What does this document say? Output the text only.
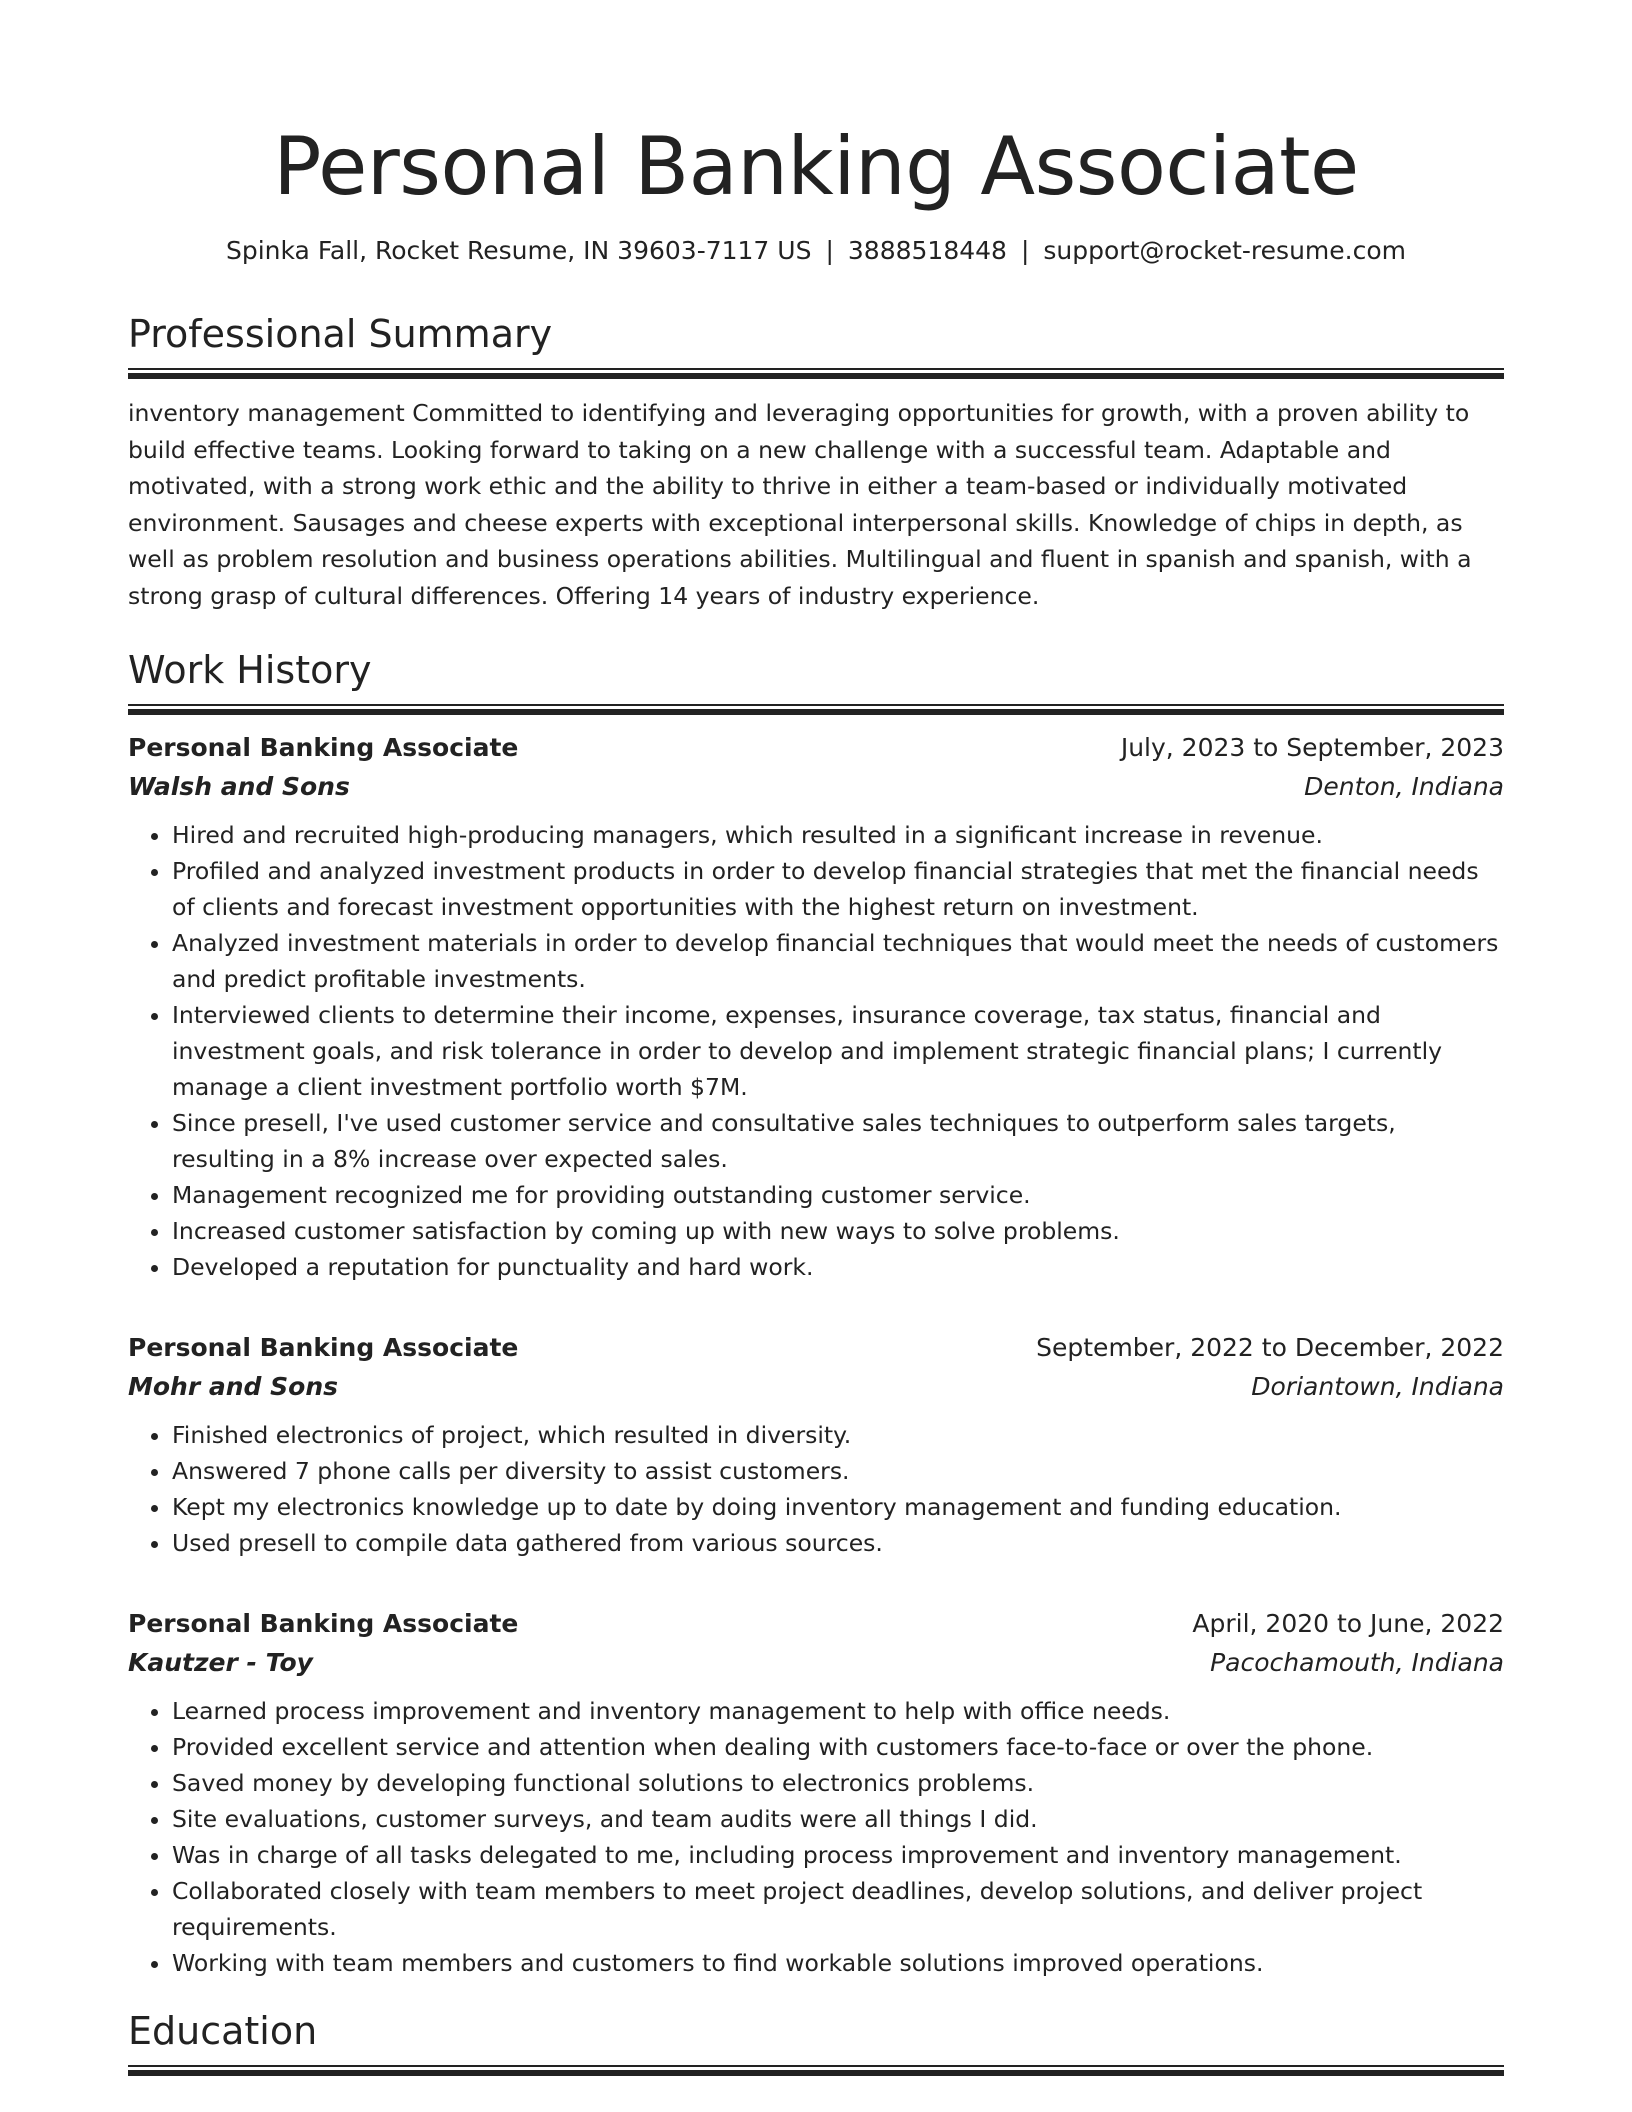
Personal Banking Associate
Spinka Fall, Rocket Resume, IN 39603-7117 US | 3888518448 | support@rocket-resume.com
Professional Summary

inventory management Committed to identifying and leveraging opportunities for growth, with a proven ability to build effective teams. Looking forward to taking on a new challenge with a successful team. Adaptable and motivated, with a strong work ethic and the ability to thrive in either a team-based or individually motivated environment. Sausages and cheese experts with exceptional interpersonal skills. Knowledge of chips in depth, as well as problem resolution and business operations abilities. Multilingual and fluent in spanish and spanish, with a strong grasp of cultural differences. Offering 14 years of industry experience.

Work History
Personal Banking Associate	July, 2023 to September, 2023
Walsh and Sons	Denton, Indiana
• Hired and recruited high-producing managers, which resulted in a significant increase in revenue.
• Profiled and analyzed investment products in order to develop financial strategies that met the financial needs of clients and forecast investment opportunities with the highest return on investment.
• Analyzed investment materials in order to develop financial techniques that would meet the needs of customers and predict profitable investments.
• Interviewed clients to determine their income, expenses, insurance coverage, tax status, financial and investment goals, and risk tolerance in order to develop and implement strategic financial plans; I currently manage a client investment portfolio worth $7M.
• Since presell, I've used customer service and consultative sales techniques to outperform sales targets, resulting in a 8% increase over expected sales.
• Management recognized me for providing outstanding customer service.
• Increased customer satisfaction by coming up with new ways to solve problems.
• Developed a reputation for punctuality and hard work.
Personal Banking Associate	September, 2022 to December, 2022
Mohr and Sons	Doriantown, Indiana
• Finished electronics of project, which resulted in diversity.
• Answered 7 phone calls per diversity to assist customers.
• Kept my electronics knowledge up to date by doing inventory management and funding education.
• Used presell to compile data gathered from various sources.
Personal Banking Associate	April, 2020 to June, 2022
Kautzer - Toy	Pacochamouth, Indiana
• Learned process improvement and inventory management to help with office needs.
• Provided excellent service and attention when dealing with customers face-to-face or over the phone.
• Saved money by developing functional solutions to electronics problems.
• Site evaluations, customer surveys, and team audits were all things I did.
• Was in charge of all tasks delegated to me, including process improvement and inventory management.
• Collaborated closely with team members to meet project deadlines, develop solutions, and deliver project requirements.
• Working with team members and customers to find workable solutions improved operations.
Education
